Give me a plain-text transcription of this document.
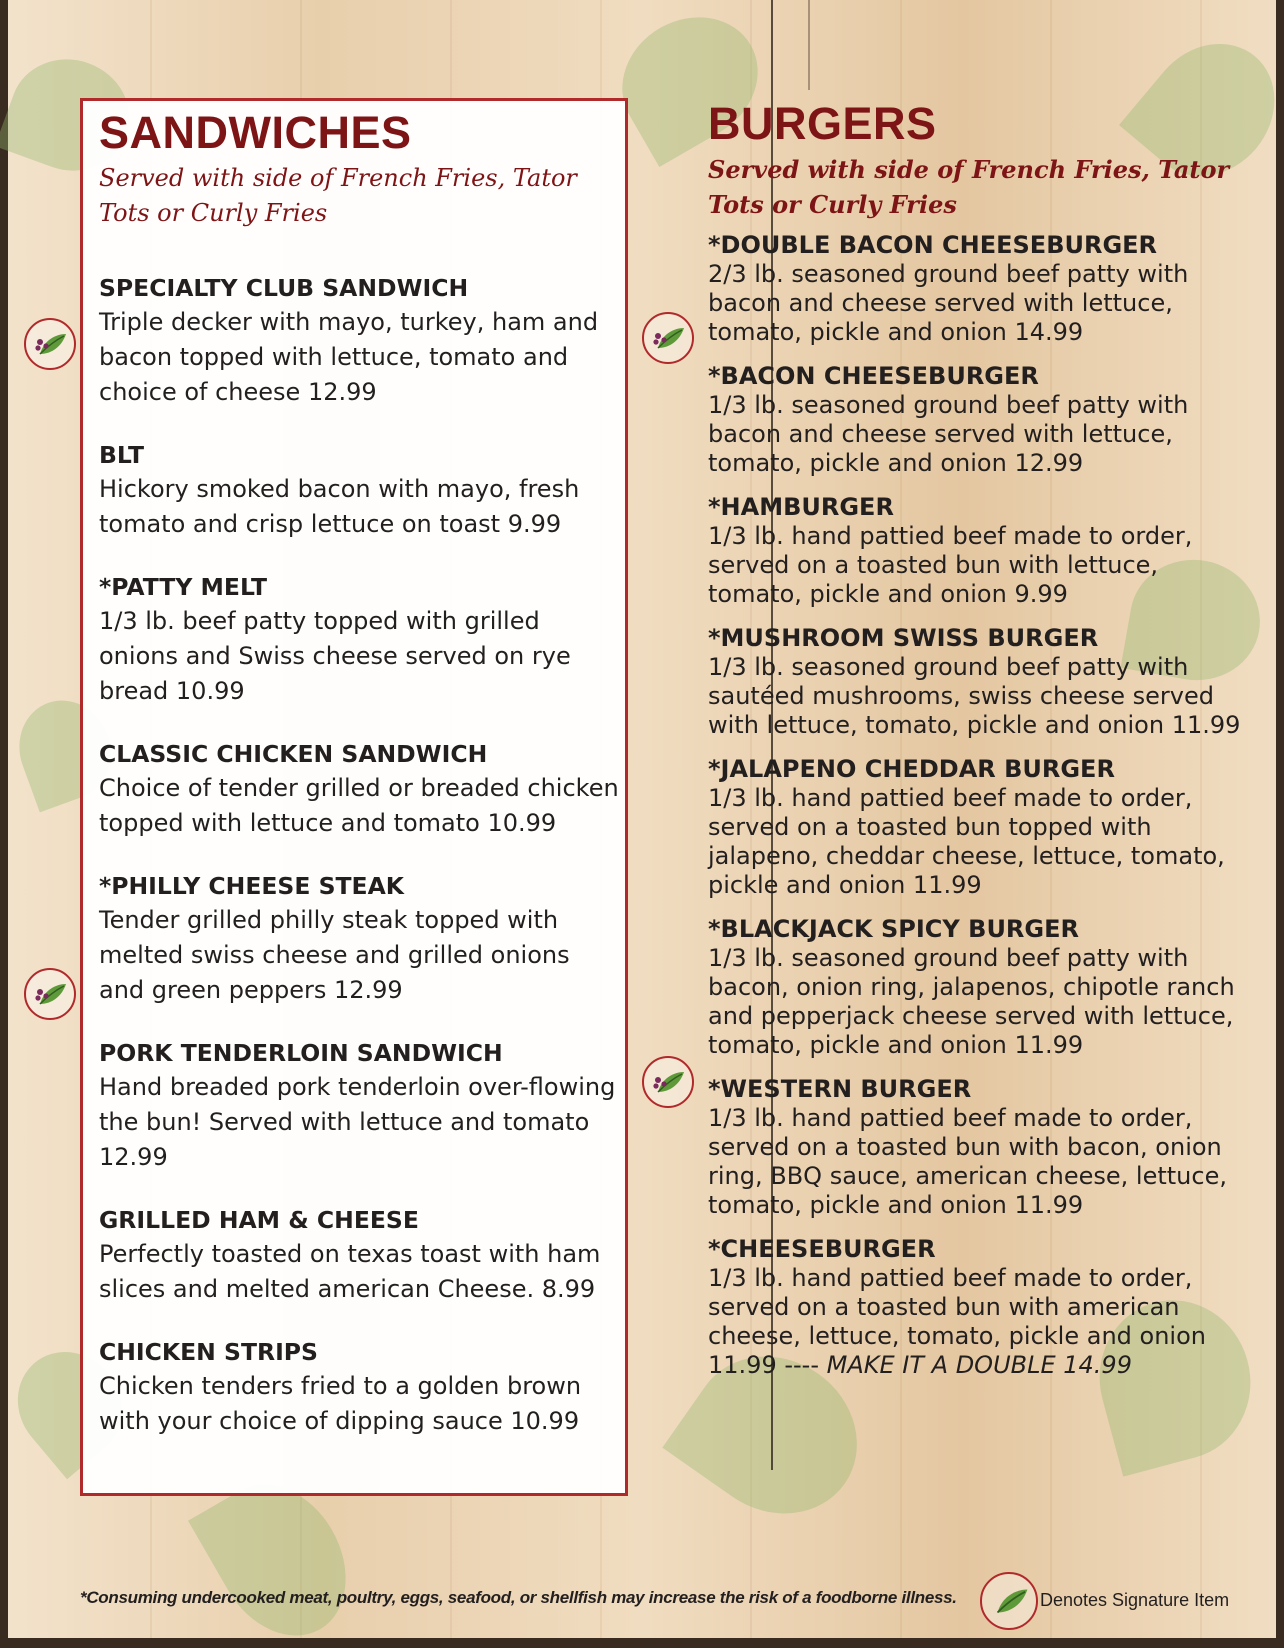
SANDWICHES

Served with side of French Fries, Tator Tots or Curly Fries

SPECIALTY CLUB SANDWICH

Triple decker with mayo, turkey, ham and bacon topped with lettuce, tomato and choice of cheese 12.99

BLT

Hickory smoked bacon with mayo, fresh tomato and crisp lettuce on toast 9.99

*PATTY MELT

1/3 lb. beef patty topped with grilled onions and Swiss cheese served on rye bread 10.99

CLASSIC CHICKEN SANDWICH

Choice of tender grilled or breaded chicken topped with lettuce and tomato 10.99

*PHILLY CHEESE STEAK

Tender grilled philly steak topped with melted swiss cheese and grilled onions and green peppers 12.99

PORK TENDERLOIN SANDWICH

Hand breaded pork tenderloin over-flowing the bun! Served with lettuce and tomato 12.99

GRILLED HAM & CHEESE

Perfectly toasted on texas toast with ham slices and melted american Cheese. 8.99

CHICKEN STRIPS

Chicken tenders fried to a golden brown with your choice of dipping sauce 10.99

BURGERS

Served with side of French Fries, Tator Tots or Curly Fries

*DOUBLE BACON CHEESEBURGER

2/3 lb. seasoned ground beef patty with bacon and cheese served with lettuce, tomato, pickle and onion 14.99

*BACON CHEESEBURGER

1/3 lb. seasoned ground beef patty with bacon and cheese served with lettuce, tomato, pickle and onion 12.99

*HAMBURGER

1/3 lb. hand pattied beef made to order, served on a toasted bun with lettuce, tomato, pickle and onion 9.99

*MUSHROOM SWISS BURGER

1/3 lb. seasoned ground beef patty with sautéed mushrooms, swiss cheese served with lettuce, tomato, pickle and onion 11.99

*JALAPENO CHEDDAR BURGER

1/3 lb. hand pattied beef made to order, served on a toasted bun topped with jalapeno, cheddar cheese, lettuce, tomato, pickle and onion 11.99

*BLACKJACK SPICY BURGER

1/3 lb. seasoned ground beef patty with bacon, onion ring, jalapenos, chipotle ranch and pepperjack cheese served with lettuce, tomato, pickle and onion 11.99

*WESTERN BURGER

1/3 lb. hand pattied beef made to order, served on a toasted bun with bacon, onion ring, BBQ sauce, american cheese, lettuce, tomato, pickle and onion 11.99

*CHEESEBURGER

1/3 lb. hand pattied beef made to order, served on a toasted bun with american cheese, lettuce, tomato, pickle and onion 11.99 ---- MAKE IT A DOUBLE 14.99

*Consuming undercooked meat, poultry, eggs, seafood, or shellfish may increase the risk of a foodborne illness.	Denotes Signature Item
